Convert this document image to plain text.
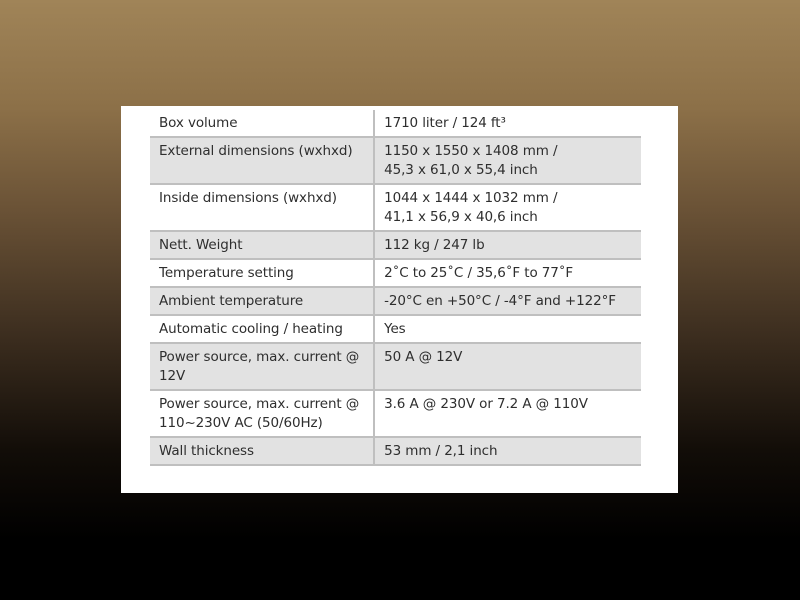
Box volume	1710 liter / 124 ft³
External dimensions (wxhxd)	1150 x 1550 x 1408 mm /
45,3 x 61,0 x 55,4 inch
Inside dimensions (wxhxd)	1044 x 1444 x 1032 mm /
41,1 x 56,9 x 40,6 inch
Nett. Weight	112 kg / 247 lb
Temperature setting	2˚C to 25˚C / 35,6˚F to 77˚F
Ambient temperature	-20°C en +50°C / -4°F and +122°F
Automatic cooling / heating	Yes
Power source, max. current @
12V	50 A @ 12V
Power source, max. current @
110~230V AC (50/60Hz)	3.6 A @ 230V or 7.2 A @ 110V
Wall thickness	53 mm / 2,1 inch
